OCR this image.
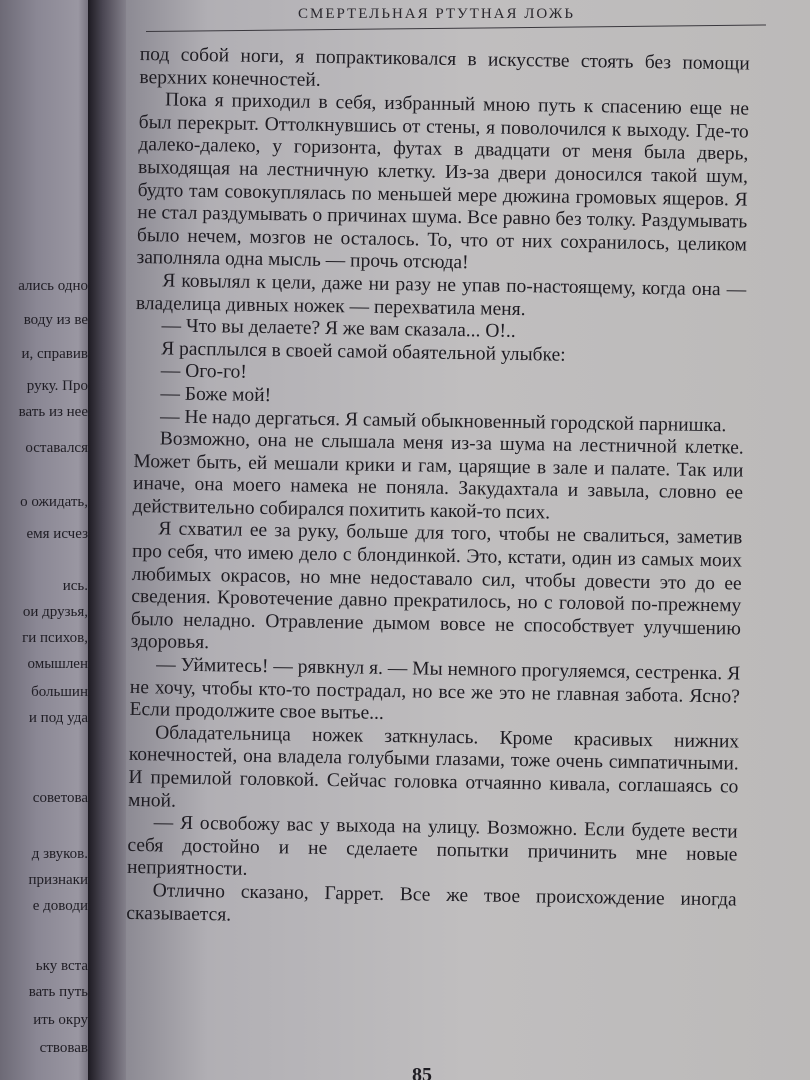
ались одно
воду из ве
и, справив
руку. Про
вать из нее
оставался
о ожидать,
емя исчез
ись.
ои друзья,
ги психов,
омышлен
большин
и под уда
советова
д звуков.
признаки
е доводи
ьку вста
вать путь
ить окру
ствовав
СМЕРТЕЛЬНАЯ РТУТНАЯ ЛОЖЬ

под собой ноги, я попрактиковался в искусстве стоять без помощи верхних конечностей.

Пока я приходил в себя, избранный мною путь к спасению еще не был перекрыт. Оттолкнувшись от стены, я поволочился к выходу. Где-то далеко-далеко, у горизонта, футах в двадцати от меня была дверь, выходящая на лестничную клетку. Из-за двери доносился такой шум, будто там совокуплялась по меньшей мере дюжина громовых ящеров. Я не стал раздумывать о причинах шума. Все равно без толку. Раздумывать было нечем, мозгов не осталось. То, что от них сохранилось, целиком заполняла одна мысль — прочь отсюда!

Я ковылял к цели, даже ни разу не упав по-настоящему, когда она — владелица дивных ножек — перехватила меня.

— Что вы делаете? Я же вам сказала... О!..

Я расплылся в своей самой обаятельной улыбке:

— Ого-го!

— Боже мой!

— Не надо дергаться. Я самый обыкновенный городской парнишка.

Возможно, она не слышала меня из-за шума на лестничной клетке. Может быть, ей мешали крики и гам, царящие в зале и палате. Так или иначе, она моего намека не поняла. Закудахтала и завыла, словно ее действительно собирался похитить какой-то псих.

Я схватил ее за руку, больше для того, чтобы не свалиться, заметив про себя, что имею дело с блондинкой. Это, кстати, один из самых моих любимых окрасов, но мне недоставало сил, чтобы довести это до ее сведения. Кровотечение давно прекратилось, но с головой по-прежнему было неладно. Отравление дымом вовсе не способствует улучшению здоровья.

— Уймитесь! — рявкнул я. — Мы немного прогуляемся, сестренка. Я не хочу, чтобы кто-то пострадал, но все же это не главная забота. Ясно? Если продолжите свое вытье...

Обладательница ножек заткнулась. Кроме красивых нижних конечностей, она владела голубыми глазами, тоже очень симпатичными. И премилой головкой. Сейчас головка отчаянно кивала, соглашаясь со мной.

— Я освобожу вас у выхода на улицу. Возможно. Если будете вести себя достойно и не сделаете попытки причинить мне новые неприятности.

Отлично сказано, Гаррет. Все же твое происхождение иногда сказывается.

85
